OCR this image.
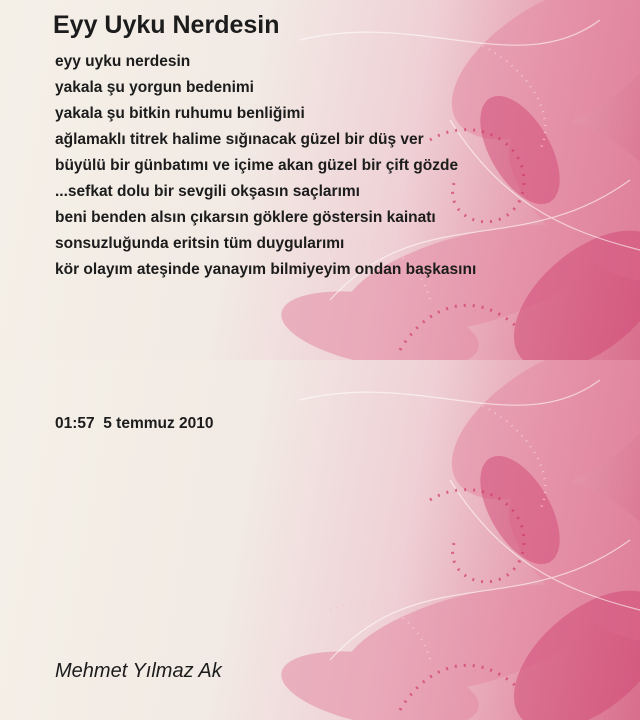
Eyy Uyku Nerdesin
eyy uyku nerdesin
yakala şu yorgun bedenimi
yakala şu bitkin ruhumu benliğimi
ağlamaklı titrek halime sığınacak güzel bir düş ver
büyülü bir günbatımı ve içime akan güzel bir çift gözde
...sefkat dolu bir sevgili okşasın saçlarımı
beni benden alsın çıkarsın göklere göstersin kainatı
sonsuzluğunda eritsin tüm duygularımı
kör olayım ateşinde yanayım bilmiyeyim ondan başkasını
01:57  5 temmuz 2010
Mehmet Yılmaz Ak
